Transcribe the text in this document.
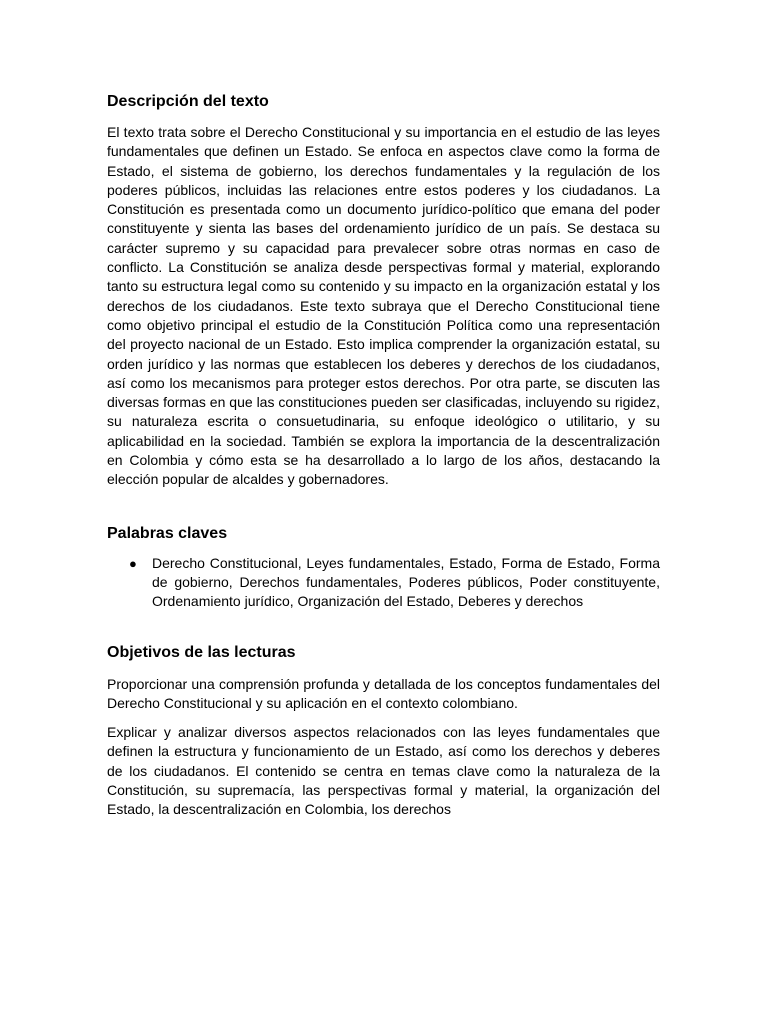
Descripción del texto

El texto trata sobre el Derecho Constitucional y su importancia en el estudio de las leyes fundamentales que definen un Estado. Se enfoca en aspectos clave como la forma de Estado, el sistema de gobierno, los derechos fundamentales y la regulación de los poderes públicos, incluidas las relaciones entre estos poderes y los ciudadanos. La Constitución es presentada como un documento jurídico-político que emana del poder constituyente y sienta las bases del ordenamiento jurídico de un país. Se destaca su carácter supremo y su capacidad para prevalecer sobre otras normas en caso de conflicto. La Constitución se analiza desde perspectivas formal y material, explorando tanto su estructura legal como su contenido y su impacto en la organización estatal y los derechos de los ciudadanos. Este texto subraya que el Derecho Constitucional tiene como objetivo principal el estudio de la Constitución Política como una representación del proyecto nacional de un Estado. Esto implica comprender la organización estatal, su orden jurídico y las normas que establecen los deberes y derechos de los ciudadanos, así como los mecanismos para proteger estos derechos. Por otra parte, se discuten las diversas formas en que las constituciones pueden ser clasificadas, incluyendo su rigidez, su naturaleza escrita o consuetudinaria, su enfoque ideológico o utilitario, y su aplicabilidad en la sociedad. También se explora la importancia de la descentralización en Colombia y cómo esta se ha desarrollado a lo largo de los años, destacando la elección popular de alcaldes y gobernadores.

Palabras claves
● Derecho Constitucional, Leyes fundamentales, Estado, Forma de Estado, Forma de gobierno, Derechos fundamentales, Poderes públicos, Poder constituyente, Ordenamiento jurídico, Organización del Estado, Deberes y derechos
Objetivos de las lecturas

Proporcionar una comprensión profunda y detallada de los conceptos fundamentales del Derecho Constitucional y su aplicación en el contexto colombiano.

Explicar y analizar diversos aspectos relacionados con las leyes fundamentales que definen la estructura y funcionamiento de un Estado, así como los derechos y deberes de los ciudadanos. El contenido se centra en temas clave como la naturaleza de la Constitución, su supremacía, las perspectivas formal y material, la organización del Estado, la descentralización en Colombia, los derechos
